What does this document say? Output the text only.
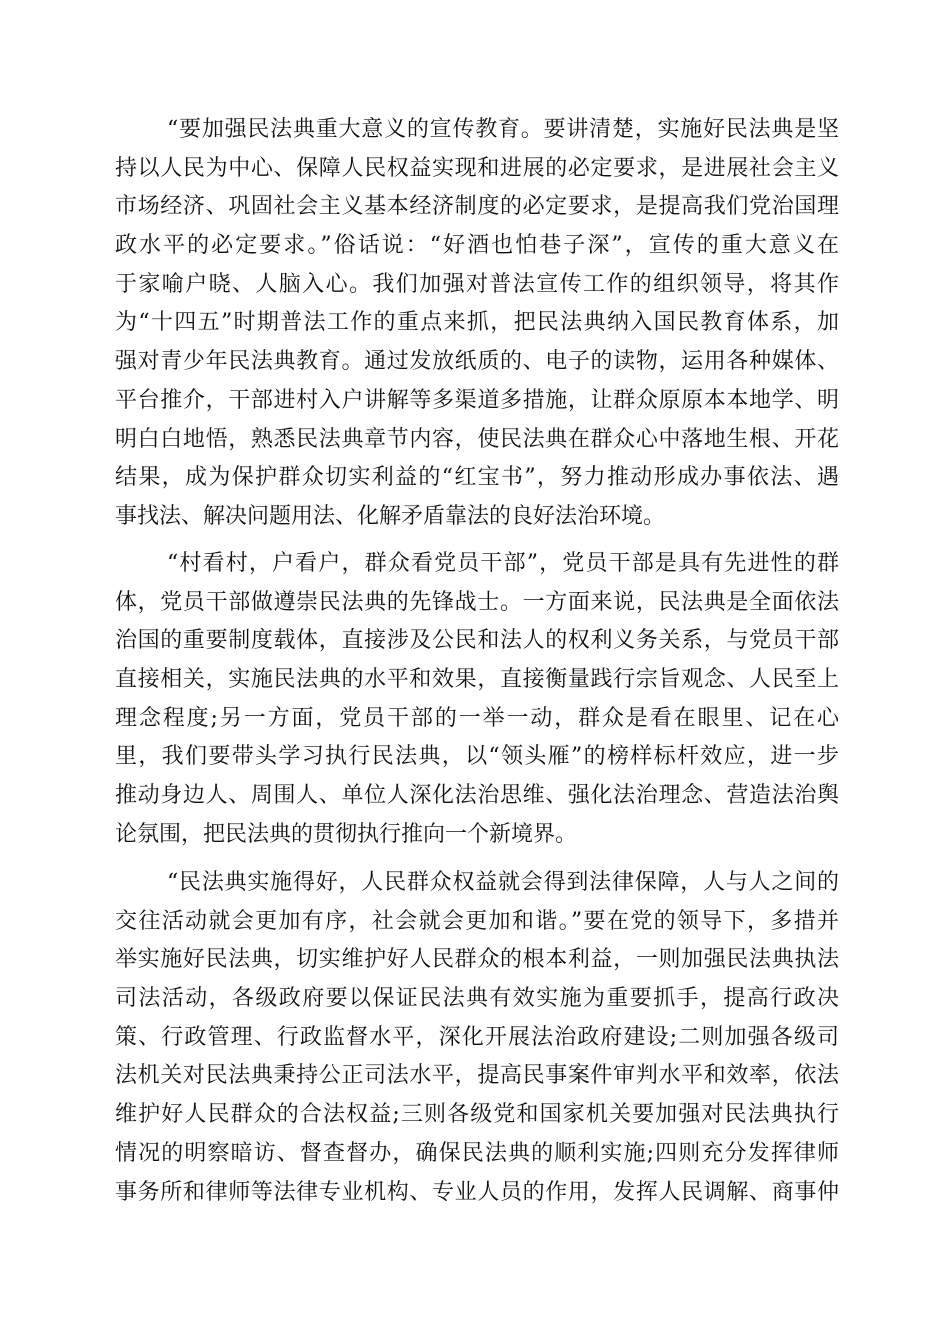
“要加强民法典重大意义的宣传教育。要讲清楚，实施好民法典是坚
持以人民为中心、保障人民权益实现和进展的必定要求，是进展社会主义
市场经济、巩固社会主义基本经济制度的必定要求，是提高我们党治国理
政水平的必定要求。”俗话说：“好酒也怕巷子深”，宣传的重大意义在
于家喻户晓、人脑入心。我们加强对普法宣传工作的组织领导，将其作
为“十四五”时期普法工作的重点来抓，把民法典纳入国民教育体系，加
强对青少年民法典教育。通过发放纸质的、电子的读物，运用各种媒体、
平台推介，干部进村入户讲解等多渠道多措施，让群众原原本本地学、明
明白白地悟，熟悉民法典章节内容，使民法典在群众心中落地生根、开花
结果，成为保护群众切实利益的“红宝书”，努力推动形成办事依法、遇
事找法、解决问题用法、化解矛盾靠法的良好法治环境。
“村看村，户看户，群众看党员干部”，党员干部是具有先进性的群
体，党员干部做遵崇民法典的先锋战士。一方面来说，民法典是全面依法
治国的重要制度载体，直接涉及公民和法人的权利义务关系，与党员干部
直接相关，实施民法典的水平和效果，直接衡量践行宗旨观念、人民至上
理念程度;另一方面，党员干部的一举一动，群众是看在眼里、记在心
里，我们要带头学习执行民法典，以“领头雁”的榜样标杆效应，进一步
推动身边人、周围人、单位人深化法治思维、强化法治理念、营造法治舆
论氛围，把民法典的贯彻执行推向一个新境界。
“民法典实施得好，人民群众权益就会得到法律保障，人与人之间的
交往活动就会更加有序，社会就会更加和谐。”要在党的领导下，多措并
举实施好民法典，切实维护好人民群众的根本利益，一则加强民法典执法
司法活动，各级政府要以保证民法典有效实施为重要抓手，提高行政决
策、行政管理、行政监督水平，深化开展法治政府建设;二则加强各级司
法机关对民法典秉持公正司法水平，提高民事案件审判水平和效率，依法
维护好人民群众的合法权益;三则各级党和国家机关要加强对民法典执行
情况的明察暗访、督查督办，确保民法典的顺利实施;四则充分发挥律师
事务所和律师等法律专业机构、专业人员的作用，发挥人民调解、商事仲
